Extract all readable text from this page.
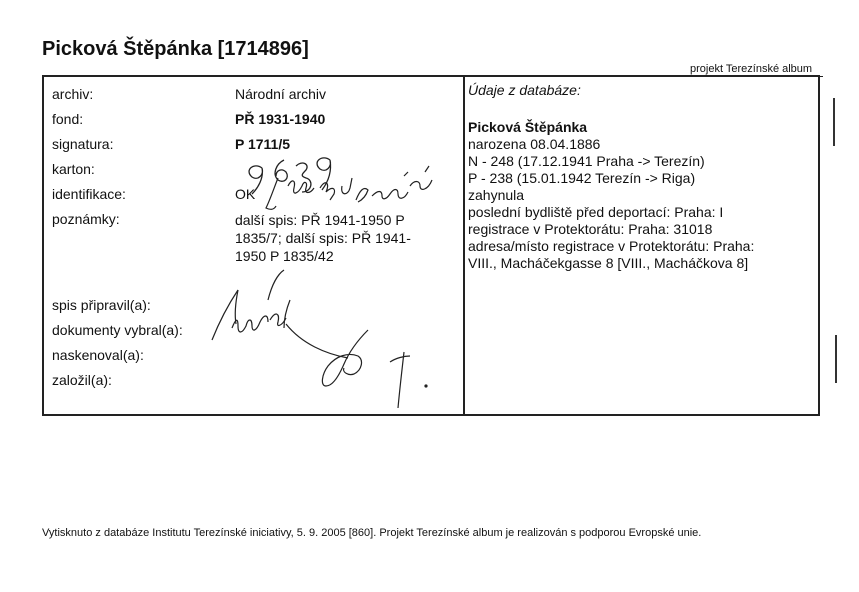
Picková Štěpánka [1714896]
projekt Terezínské album
archiv:
fond:
signatura:
karton:
identifikace:
poznámky:
Národní archiv
PŘ 1931-1940
P 1711/5
OK
další spis: PŘ 1941-1950 P 1835/7; další spis: PŘ 1941-1950 P 1835/42
spis připravil(a):
dokumenty vybral(a):
naskenoval(a):
založil(a):
Údaje z databáze:
Picková Štěpánka
narozena 08.04.1886
N - 248 (17.12.1941 Praha -> Terezín)
P - 238 (15.01.1942 Terezín -> Riga)
zahynula
poslední bydliště před deportací: Praha: I
registrace v Protektorátu: Praha: 31018
adresa/místo registrace v Protektorátu: Praha:
VIII., Macháčekgasse 8 [VIII., Macháčkova 8]
Vytisknuto z databáze Institutu Terezínské iniciativy, 5. 9. 2005 [860]. Projekt Terezínské album je realizován s podporou Evropské unie.
